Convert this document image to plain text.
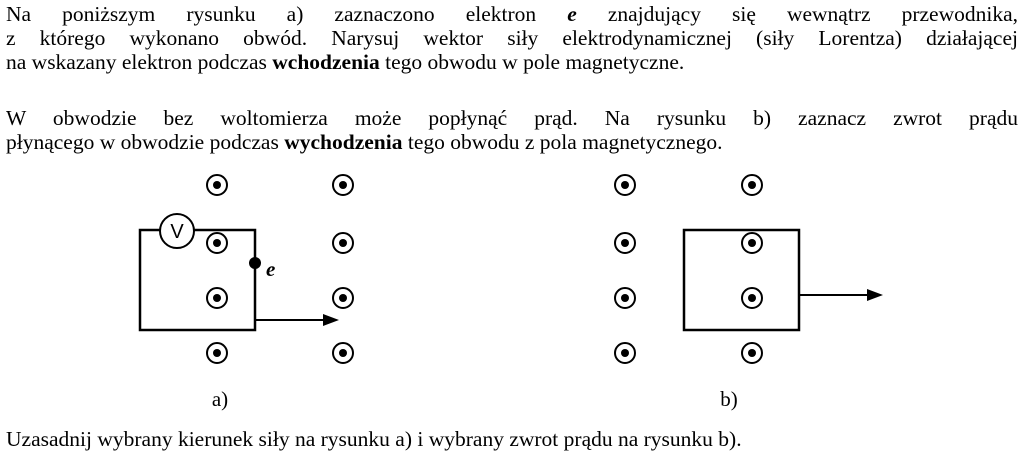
Na poniższym rysunku a) zaznaczono elektron e znajdujący się wewnątrz przewodnika,
z którego wykonano obwód. Narysuj wektor siły elektrodynamicznej (siły Lorentza) działającej
na wskazany elektron podczas wchodzenia tego obwodu w pole magnetyczne.
W obwodzie bez woltomierza może popłynąć prąd. Na rysunku b) zaznacz zwrot prądu
płynącego w obwodzie podczas wychodzenia tego obwodu z pola magnetycznego.
V
e
a)	b)
Uzasadnij wybrany kierunek siły na rysunku a) i wybrany zwrot prądu na rysunku b).
